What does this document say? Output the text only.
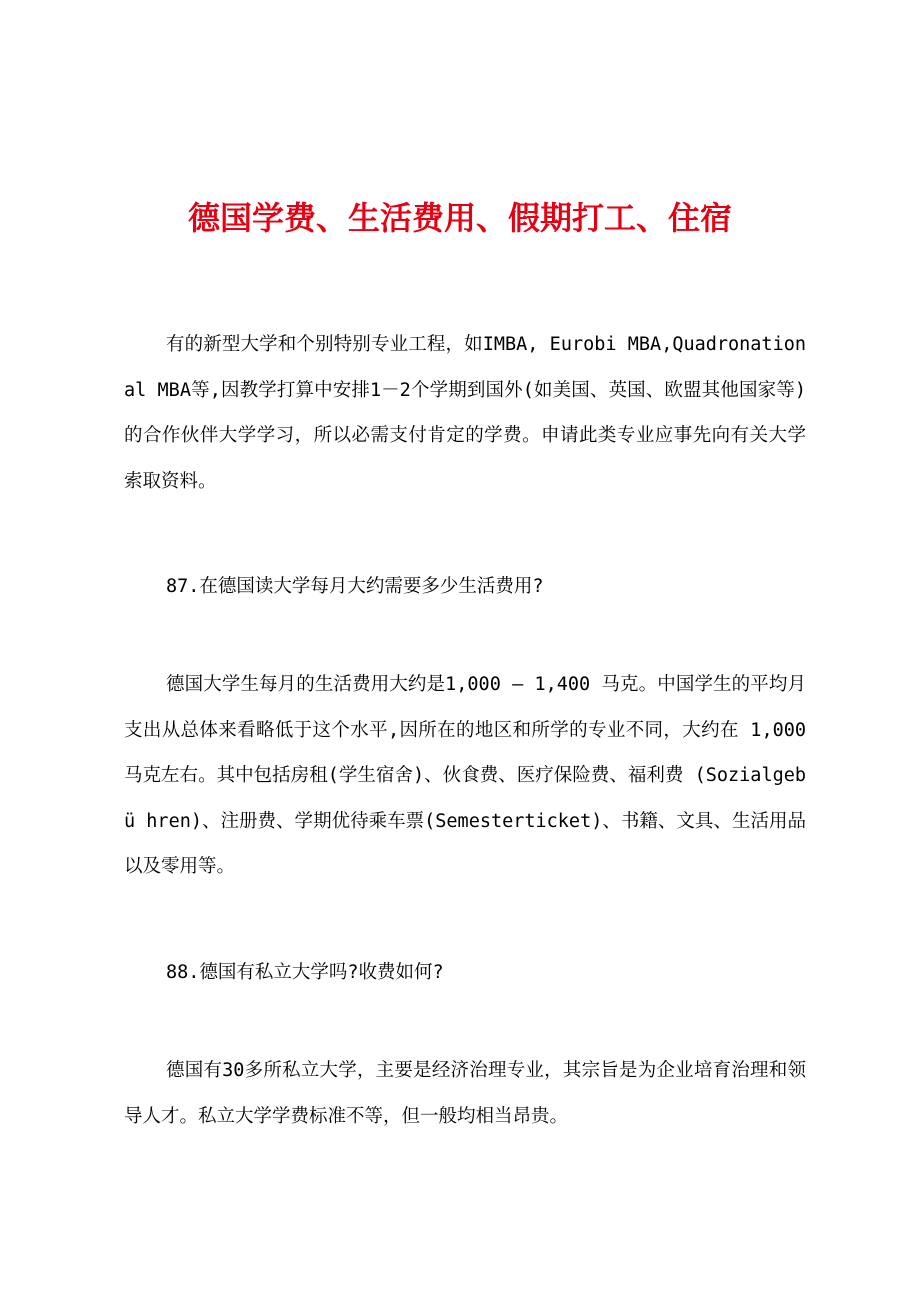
德国学费、生活费用、假期打工、住宿

有的新型大学和个别特别专业工程，如IMBA, Eurobi MBA,Quadronational MBA等,因教学打算中安排1－2个学期到国外(如美国、英国、欧盟其他国家等)的合作伙伴大学学习，所以必需支付肯定的学费。申请此类专业应事先向有关大学索取资料。

87.在德国读大学每月大约需要多少生活费用?

德国大学生每月的生活费用大约是1,000 – 1,400 马克。中国学生的平均月支出从总体来看略低于这个水平,因所在的地区和所学的专业不同，大约在 1,000 马克左右。其中包括房租(学生宿舍)、伙食费、医疗保险费、福利费 (Sozialgeb ü hren)、注册费、学期优待乘车票(Semesterticket)、书籍、文具、生活用品以及零用等。

88.德国有私立大学吗?收费如何?

德国有30多所私立大学，主要是经济治理专业，其宗旨是为企业培育治理和领导人才。私立大学学费标准不等，但一般均相当昂贵。
